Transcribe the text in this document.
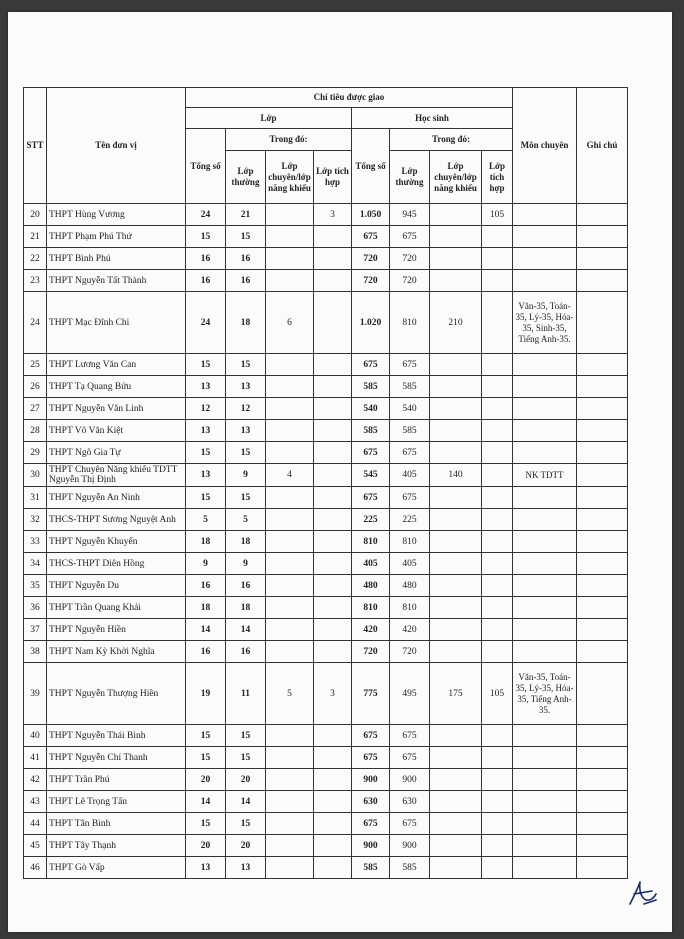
STT	Tên đơn vị	Chỉ tiêu được giao								Môn chuyên	Ghi chú
		Lớp				Học sinh					
		Tổng số	Trong đó:			Tổng số	Trong đó:				
			Lớp thường	Lớp chuyên/lớp năng khiếu	Lớp tích hợp		Lớp thường	Lớp chuyên/lớp năng khiếu	Lớp tích hợp		
20	THPT Hùng Vương	24	21		3	1.050	945		105		
21	THPT Phạm Phú Thứ	15	15			675	675				
22	THPT Bình Phú	16	16			720	720				
23	THPT Nguyễn Tất Thành	16	16			720	720				
24	THPT Mạc Đĩnh Chi	24	18	6		1.020	810	210		Văn-35, Toán-35, Lý-35, Hóa-35, Sinh-35, Tiếng Anh-35.	
25	THPT Lương Văn Can	15	15			675	675				
26	THPT Tạ Quang Bửu	13	13			585	585				
27	THPT Nguyễn Văn Linh	12	12			540	540				
28	THPT Võ Văn Kiệt	13	13			585	585				
29	THPT Ngô Gia Tự	15	15			675	675				
30	THPT Chuyên Năng khiếu TDTT Nguyễn Thị Định	13	9	4		545	405	140		NK TDTT	
31	THPT Nguyễn An Ninh	15	15			675	675				
32	THCS-THPT Sương Nguyệt Anh	5	5			225	225				
33	THPT Nguyễn Khuyến	18	18			810	810				
34	THCS-THPT Diên Hồng	9	9			405	405				
35	THPT Nguyễn Du	16	16			480	480				
36	THPT Trần Quang Khải	18	18			810	810				
37	THPT Nguyễn Hiền	14	14			420	420				
38	THPT Nam Kỳ Khởi Nghĩa	16	16			720	720				
39	THPT Nguyễn Thượng Hiền	19	11	5	3	775	495	175	105	Văn-35, Toán-35, Lý-35, Hóa-35, Tiếng Anh-35.	
40	THPT Nguyễn Thái Bình	15	15			675	675				
41	THPT Nguyễn Chí Thanh	15	15			675	675				
42	THPT Trần Phú	20	20			900	900				
43	THPT Lê Trọng Tấn	14	14			630	630				
44	THPT Tân Bình	15	15			675	675				
45	THPT Tây Thạnh	20	20			900	900				
46	THPT Gò Vấp	13	13			585	585				
